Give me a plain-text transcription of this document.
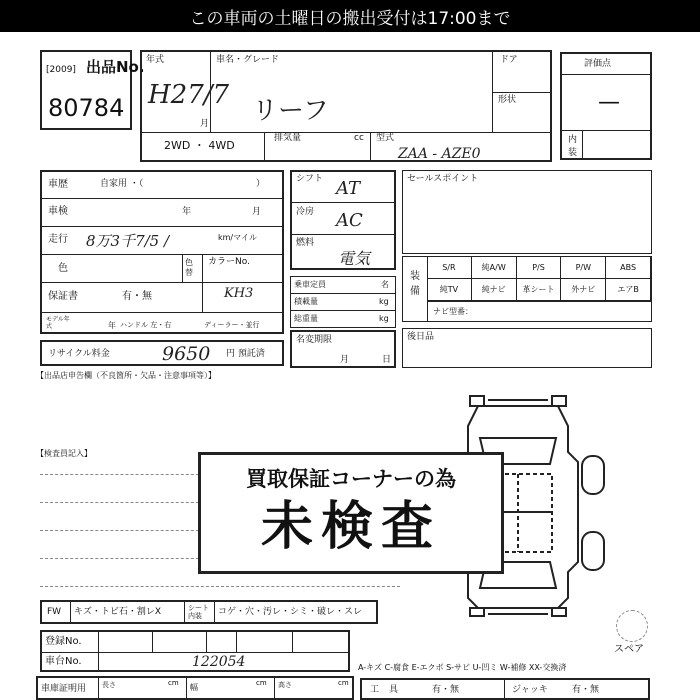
この車両の土曜日の搬出受付は17:00まで
[2009] 出品No.
80784
年式
H27/7
月
車名・グレード
リーフ
ドア
形状
2WD ・ 4WD
排気量	cc 型式
ZAA - AZE0
評価点
—
内装
車歴	自家用 ・（	）
車検	年	月
走行 8万3千7/5 /	km/マイル
色
色替
カラーNo.
保証書	有・無	KH3
モデル年式	年 ハンドル 左・右	ディーラー・並行
リサイクル料金	9650 円 預託済
シフト AT
冷房 AC
燃料
電気
乗車定員	名
積載量	kg
総重量	kg
名変期限
月	日
セールスポイント
装備
S/R	純A/W	P/S	P/W	ABS
純TV	純ナビ	革シート	外ナビ	エアB
ナビ型番：
後日品
【出品店申告欄（不良箇所・欠品・注意事項等）】
【検査員記入】
買取保証コーナーの為
未検査
スペア
FW キズ・トビ石・割レX	シート内装	コゲ・穴・汚レ・シミ・破レ・スレ
登録No.
車台No.	122054
車庫証明用 長さ	cm 幅	cm 高さ	cm
A-キズ C-腐食 E-エクボ S-サビ U-凹ミ W-補修 XX-交換済
工具	有・無	ジャッキ	有・無
